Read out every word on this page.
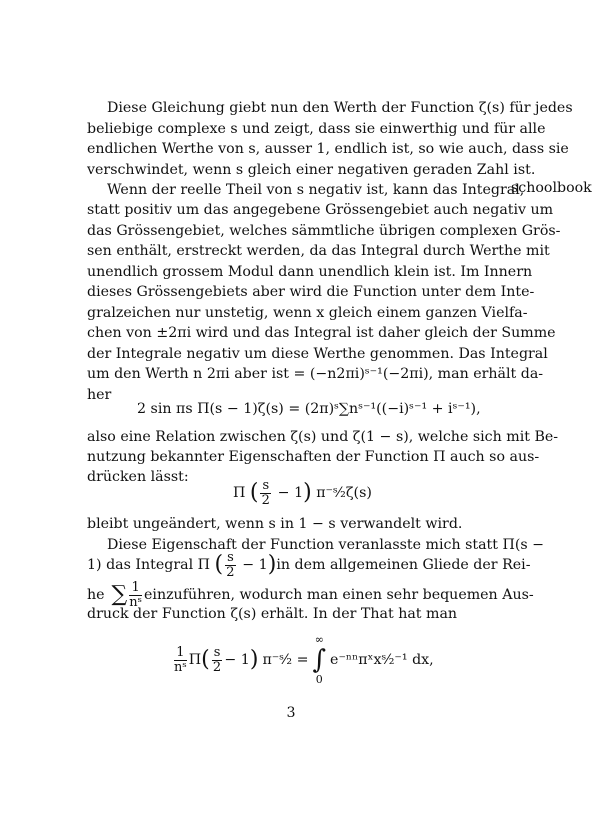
Diese Gleichung giebt nun den Werth der Function ζ(s) für jedes
beliebige complexe s und zeigt, dass sie einwerthig und für alle
endlichen Werthe von s, ausser 1, endlich ist, so wie auch, dass sie
verschwindet, wenn s gleich einer negativen geraden Zahl ist.
Wenn der reelle Theil von s negativ ist, kann das Integral,
statt positiv um das angegebene Grössengebiet auch negativ um
das Grössengebiet, welches sämmtliche übrigen complexen Grös-
sen enthält, erstreckt werden, da das Integral durch Werthe mit
unendlich grossem Modul dann unendlich klein ist. Im Innern
dieses Grössengebiets aber wird die Function unter dem Inte-
gralzeichen nur unstetig, wenn x gleich einem ganzen Vielfa-
chen von ±2πi wird und das Integral ist daher gleich der Summe
der Integrale negativ um diese Werthe genommen. Das Integral
um den Werth n 2πi aber ist = (−n2πi)ˢ⁻¹(−2πi), man erhält da-
her
2 sin πs Π(s − 1)ζ(s) = (2π)ˢ∑nˢ⁻¹((−i)ˢ⁻¹ + iˢ⁻¹),
also eine Relation zwischen ζ(s) und ζ(1 − s), welche sich mit Be-
nutzung bekannter Eigenschaften der Function Π auch so aus-
drücken lässt:
Π ( $\frac{s}{2} - 1$) π⁻ˢ⁄₂ζ(s)
bleibt ungeändert, wenn s in 1 − s verwandelt wird.
Diese Eigenschaft der Function veranlasste mich statt Π(s −
1) das Integral Π ( $\frac{s}{2} - 1$) in dem allgemeinen Gliede der Rei-
he ∑ $\frac{1}{\text{nˢ}}$ einzuführen, wodurch man einen sehr bequemen Aus-
druck der Function ζ(s) erhält. In der That hat man
$\frac{1}{\text{nˢ}}$ Π ( $\frac{s}{2} - 1$ ) π⁻ˢ⁄₂ =
∞
∫
0
e⁻ⁿⁿπˣxˢ⁄₂⁻¹ dx,
schoolbook
3
